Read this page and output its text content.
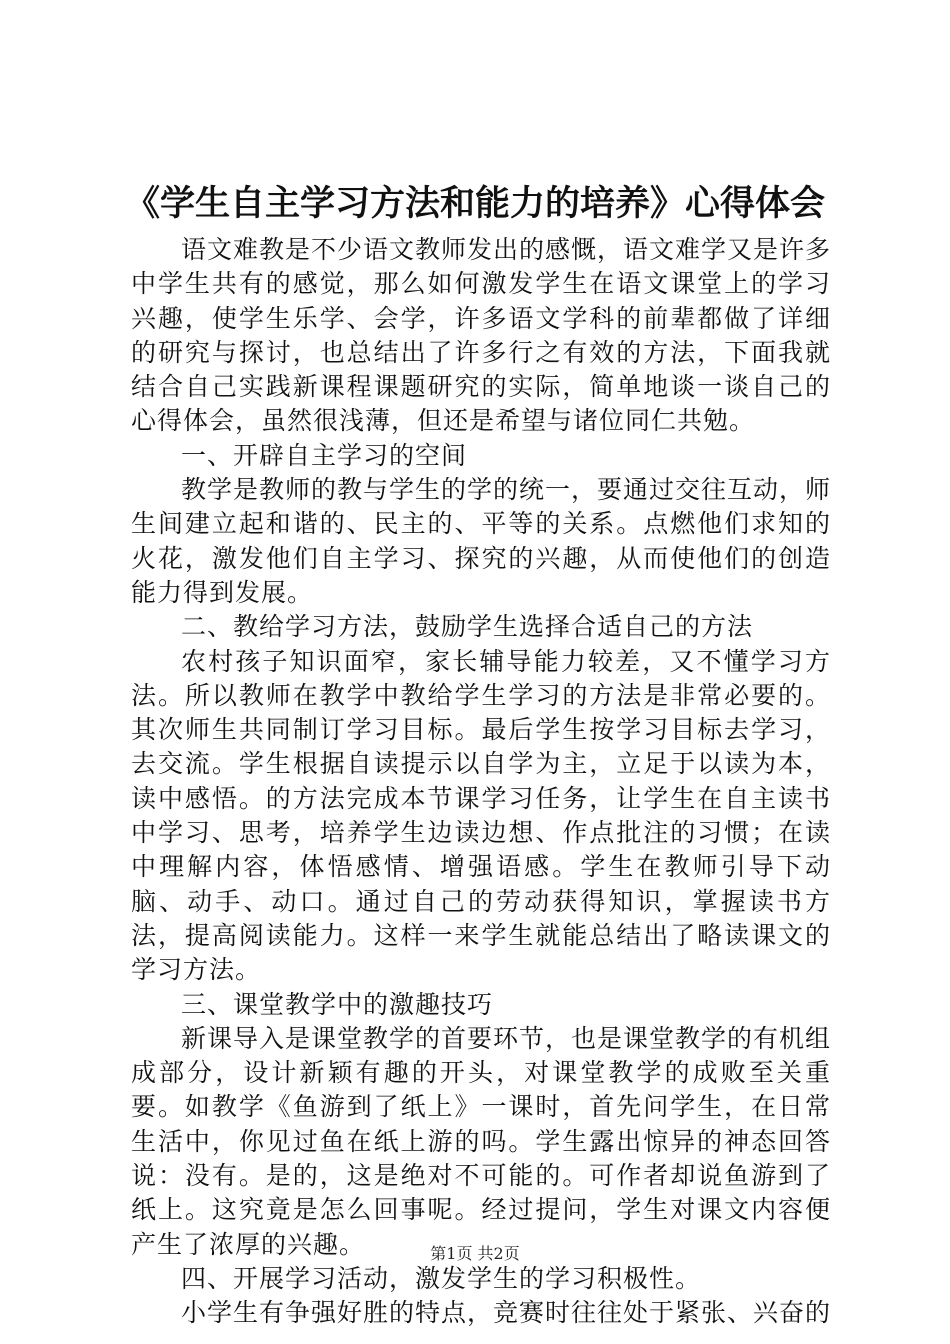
《学生自主学习方法和能力的培养》心得体会

语文难教是不少语文教师发出的感慨，语文难学又是许多中学生共有的感觉，那么如何激发学生在语文课堂上的学习兴趣，使学生乐学、会学，许多语文学科的前辈都做了详细的研究与探讨，也总结出了许多行之有效的方法，下面我就结合自己实践新课程课题研究的实际，简单地谈一谈自己的心得体会，虽然很浅薄，但还是希望与诸位同仁共勉。

一、开辟自主学习的空间

教学是教师的教与学生的学的统一，要通过交往互动，师生间建立起和谐的、民主的、平等的关系。点燃他们求知的火花，激发他们自主学习、探究的兴趣，从而使他们的创造能力得到发展。

二、教给学习方法，鼓励学生选择合适自己的方法

农村孩子知识面窄，家长辅导能力较差，又不懂学习方法。所以教师在教学中教给学生学习的方法是非常必要的。其次师生共同制订学习目标。最后学生按学习目标去学习，去交流。学生根据自读提示以自学为主，立足于以读为本，读中感悟。的方法完成本节课学习任务，让学生在自主读书中学习、思考，培养学生边读边想、作点批注的习惯；在读中理解内容，体悟感情、增强语感。学生在教师引导下动脑、动手、动口。通过自己的劳动获得知识，掌握读书方法，提高阅读能力。这样一来学生就能总结出了略读课文的学习方法。

三、课堂教学中的激趣技巧

新课导入是课堂教学的首要环节，也是课堂教学的有机组成部分，设计新颖有趣的开头，对课堂教学的成败至关重要。如教学《鱼游到了纸上》一课时，首先问学生，在日常生活中，你见过鱼在纸上游的吗。学生露出惊异的神态回答说：没有。是的，这是绝对不可能的。可作者却说鱼游到了纸上。这究竟是怎么回事呢。经过提问，学生对课文内容便产生了浓厚的兴趣。

四、开展学习活动，激发学生的学习积极性。

小学生有争强好胜的特点，竞赛时往往处于紧张、兴奋的

第1页 共2页
